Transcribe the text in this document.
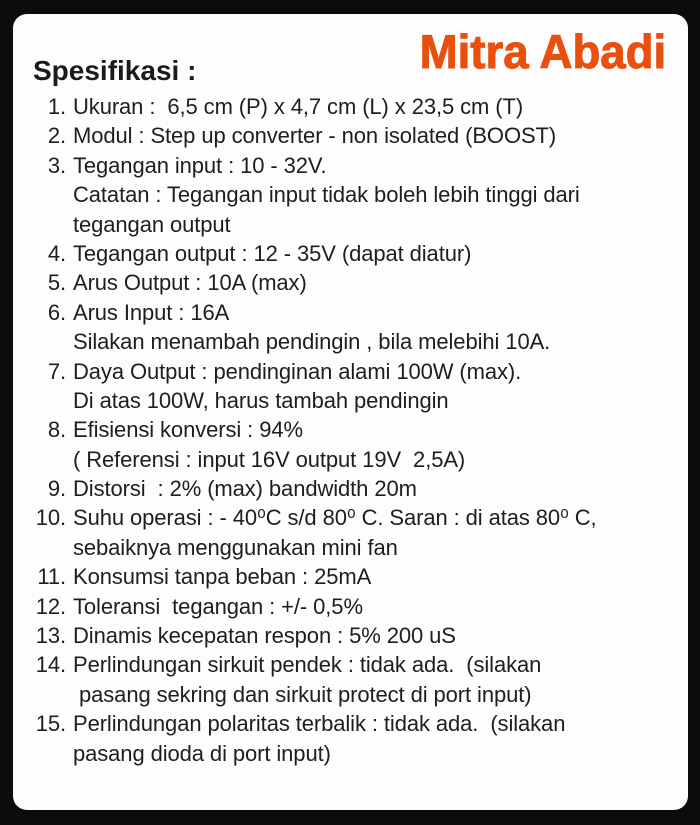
Mitra Abadi
Spesifikasi :
1. Ukuran :  6,5 cm (P) x 4,7 cm (L) x 23,5 cm (T)
2. Modul : Step up converter - non isolated (BOOST)
3. Tegangan input : 10 - 32V.
Catatan : Tegangan input tidak boleh lebih tinggi dari
tegangan output
4. Tegangan output : 12 - 35V (dapat diatur)
5. Arus Output : 10A (max)
6. Arus Input : 16A
Silakan menambah pendingin , bila melebihi 10A.
7. Daya Output : pendinginan alami 100W (max).
Di atas 100W, harus tambah pendingin
8. Efisiensi konversi : 94%
( Referensi : input 16V output 19V  2,5A)
9. Distorsi  : 2% (max) bandwidth 20m
10. Suhu operasi : - 40⁰C s/d 80⁰ C. Saran : di atas 80⁰ C,
sebaiknya menggunakan mini fan
11. Konsumsi tanpa beban : 25mA
12. Toleransi  tegangan : +/- 0,5%
13. Dinamis kecepatan respon : 5% 200 uS
14. Perlindungan sirkuit pendek : tidak ada.  (silakan
pasang sekring dan sirkuit protect di port input)
15. Perlindungan polaritas terbalik : tidak ada.  (silakan
pasang dioda di port input)
